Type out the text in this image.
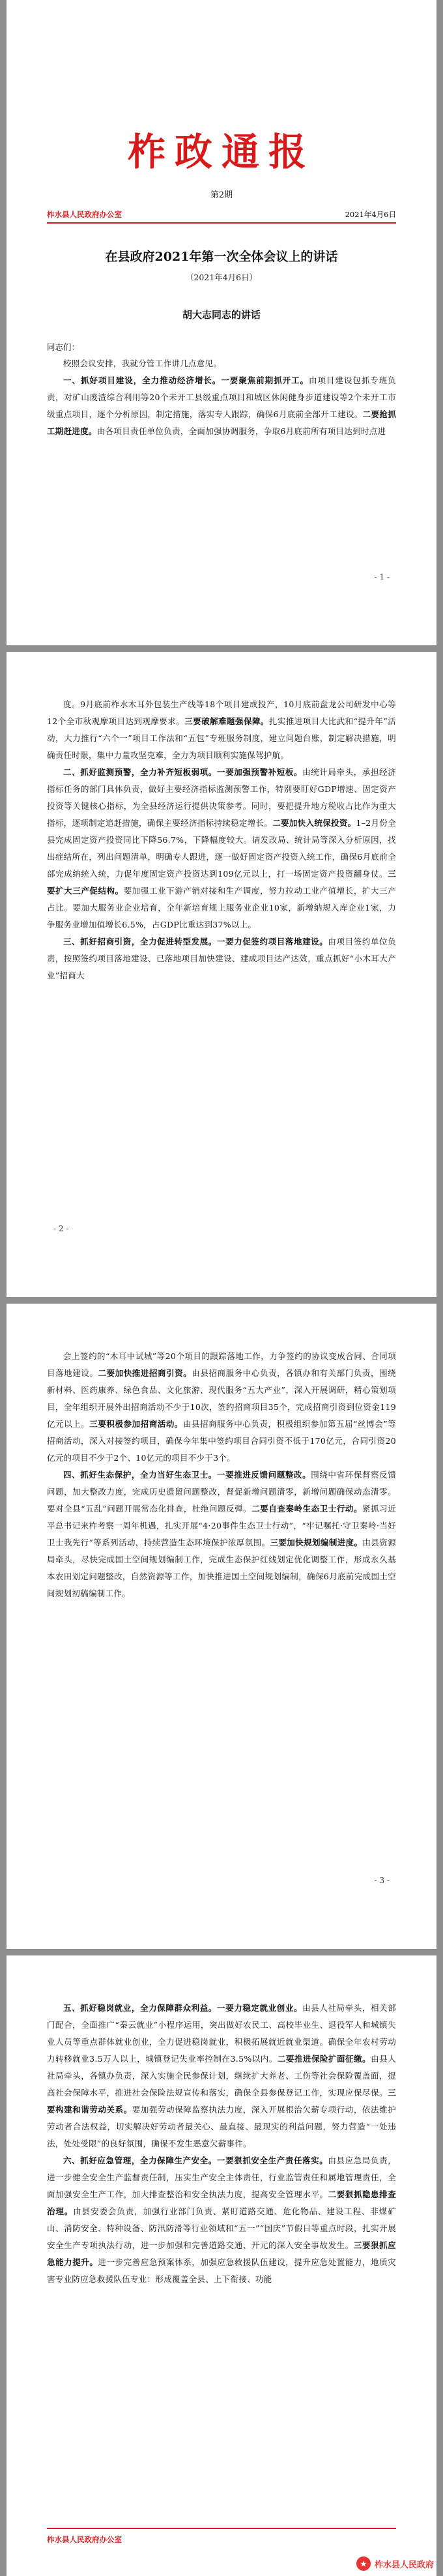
柞政通报
第2期
柞水县人民政府办公室	2021年4月6日
在县政府2021年第一次全体会议上的讲话
（2021年4月6日）
胡大志同志的讲话
同志们：

校照会议安排，我就分管工作讲几点意见。

一、抓好项目建设，全力推动经济增长。一要聚焦前期抓开工。由项目建设包抓专班负责，对矿山废渣综合利用等20个未开工县级重点项目和城区休闲健身步道建设等2个未开工市级重点项目，逐个分析原因，制定措施，落实专人跟踪，确保6月底前全部开工建设。二要抢抓工期赶进度。由各项目责任单位负责，全面加强协调服务，争取6月底前所有项目达到时点进

- 1 -

度。9月底前柞水木耳外包装生产线等18个项目建成投产，10月底前盘龙公司研发中心等12个全市秋观摩项目达到观摩要求。三要破解难题强保障。扎实推进项目大比武和“提升年”活动，大力推行“六个一”项目工作法和“五包”专班服务制度，建立问题台账，制定解决措施，明确责任时限，集中力量攻坚克难，全力为项目顺利实施保驾护航。

二、抓好监测预警，全力补齐短板弱项。一要加强预警补短板。由统计局牵头，承担经济指标任务的部门具体负责，做好主要经济指标监测预警工作，特别要盯好GDP增速、固定资产投资等关键核心指标，为全县经济运行提供决策参考。同时，要把提升地方税收占比作为重大指标，逐项制定追赶措施，确保主要经济指标持续稳定增长。二要加快入统保投资。1–2月份全县完成固定资产投资同比下降56.7%，下降幅度较大。请发改局、统计局等深入分析原因，找出症结所在，列出问题清单，明确专人跟进，逐一做好固定资产投资入统工作，确保6月底前全部完成纳统入统，力促年度固定资产投资达到109亿元以上，打一场固定资产投资翻身仗。三要扩大三产促结构。要加强工业下游产销对接和生产调度，努力拉动工业产值增长，扩大三产占比。要加大服务业企业培育，全年新培育规上服务业企业10家，新增纳规入库企业1家，力争服务业增加值增长6.5%，占GDP比重达到37%以上。

三、抓好招商引资，全力促进转型发展。一要力促签约项目落地建设。由项目签约单位负责，按照签约项目落地建设、已落地项目加快建设、建成项目达产达效，重点抓好“小木耳大产业”招商大

- 2 -

会上签约的“木耳中试城”等20个项目的跟踪落地工作，力争签约的协议变成合同、合同项目落地建设。二要加快推进招商引资。由县招商服务中心负责，各镇办和有关部门负责，围绕新材料、医药康养、绿色食品、文化旅游、现代服务“五大产业”，深入开展调研，精心策划项目，全年组织开展外出招商活动不少于10次，签约招商项目35个，完成招商引资到位资金119亿元以上。三要积极参加招商活动。由县招商服务中心负责，积极组织参加第五届“丝博会”等招商活动，深入对接签约项目，确保今年集中签约项目合同引资不低于170亿元，合同引资20亿元的项目不少于2个、10亿元的项目不少于3个。

四、抓好生态保护，全力当好生态卫士。一要推进反馈问题整改。围绕中省环保督察反馈问题，加大整改力度，完成历史遗留问题整改，督促新增问题清零，新增问题确保动态清零。要对全县“五乱”问题开展常态化排查，杜绝问题反弹。二要自查秦岭生态卫士行动。紧抓习近平总书记来柞考察一周年机遇，扎实开展“4·20事件生态卫士行动”，“牢记嘱托·守卫秦岭·当好卫士我先行”等系列活动，持续营造生态环境保护浓厚氛围。三要加快规划编制进度。由县资源局牵头，尽快完成国土空间规划编制工作，完成生态保护红线划定优化调整工作，形成永久基本农田划定问题整改，自然资源等工作，加快推进国土空间规划编制，确保6月底前完成国土空间规划初稿编制工作。

- 3 -

五、抓好稳岗就业，全力保障群众利益。一要力稳定就业创业。由县人社局牵头，相关部门配合，全面推广“秦云就业”小程序运用，突出做好农民工、高校毕业生、退役军人和城镇失业人员等重点群体就业创业，全力促进稳岗就业，积极拓展就近就业渠道。确保全年农村劳动力转移就业3.5万人以上，城镇登记失业率控制在3.5%以内。二要推进保险扩面征缴。由县人社局牵头，各镇办负责，深入实施全民参保计划，继续扩大养老、工伤等社会保险覆盖面，提高社会保障水平，推进社会保险法规宣传和落实，确保全县参保登记工作，实现应保尽保。三要构建和谐劳动关系。要加强劳动保障监察执法力度，深入开展根治欠薪专项行动，依法维护劳动者合法权益，切实解决好劳动者最关心、最直接、最现实的利益问题，努力营造“一处违法，处处受限”的良好氛围，确保不发生恶意欠薪事件。

六、抓好应急管理，全力保障生产安全。一要狠抓安全生产责任落实。由县应急局负责，进一步健全安全生产监督责任制，压实生产安全主体责任，行业监管责任和属地管理责任，全面加强安全生产工作，加大排查整治和安全执法力度，提高安全管理水平。二要狠抓隐患排查治理。由县安委会负责，加强行业部门负责、紧盯道路交通、危化物品、建设工程、非煤矿山、消防安全、特种设备、防汛防滑等行业领域和“五一”“国庆”节假日等重点时段，扎实开展安全生产专项执法行动，进一步加强和完善道路交通、开元的深入安全事故发生。三要狠抓应急能力提升。进一步完善应急预案体系，加强应急救援队伍建设，提升应急处置能力，地质灾害专业防应急救援队伍专业：形成覆盖全县、上下衔接、功能

柞水县人民政府办公室
★ 柞水县人民政府
